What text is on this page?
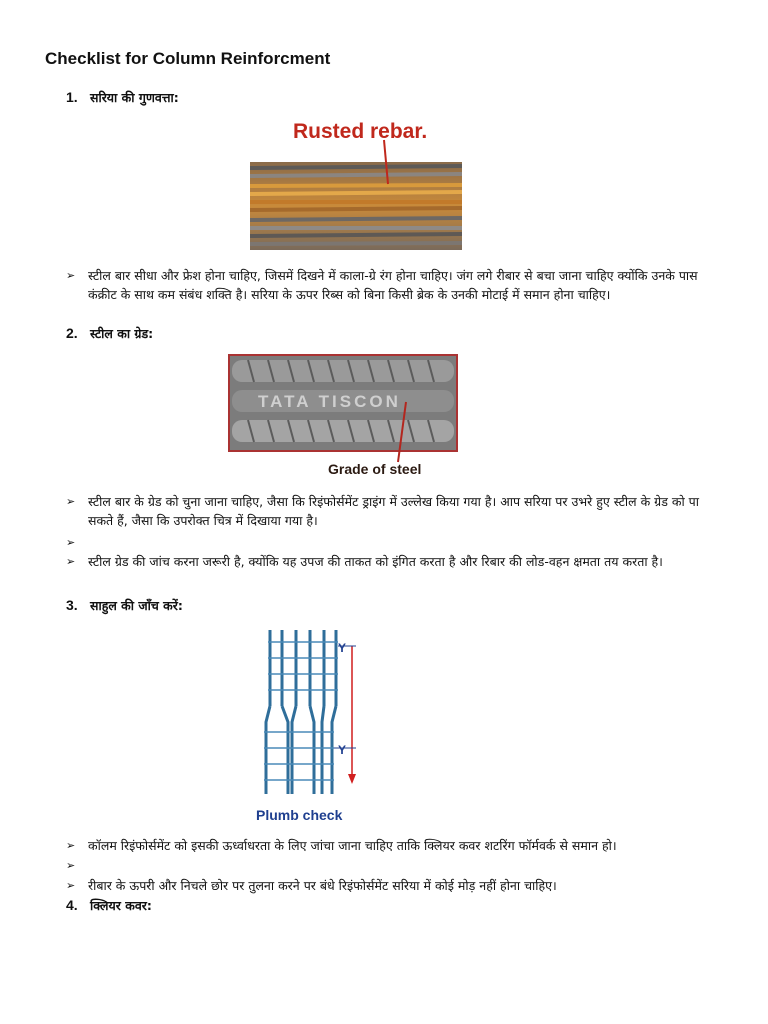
Checklist for Column Reinforcment
1. सरिया की गुणवत्ता:
Rusted rebar.
➢ स्टील बार सीधा और फ्रेश होना चाहिए, जिसमें दिखने में काला-ग्रे रंग होना चाहिए। जंग लगे रीबार से बचा जाना चाहिए क्योंकि उनके पास कंक्रीट के साथ कम संबंध शक्ति है। सरिया के ऊपर रिब्स को बिना किसी ब्रेक के उनकी मोटाई में समान होना चाहिए।
2. स्टील का ग्रेड:
TATA TISCON
Grade of steel
➢ स्टील बार के ग्रेड को चुना जाना चाहिए, जैसा कि रिइंफोर्समेंट ड्राइंग में उल्लेख किया गया है। आप सरिया पर उभरे हुए स्टील के ग्रेड को पा सकते हैं, जैसा कि उपरोक्त चित्र में दिखाया गया है।
➢
➢ स्टील ग्रेड की जांच करना जरूरी है, क्योंकि यह उपज की ताकत को इंगित करता है और रिबार की लोड-वहन क्षमता तय करता है।
3. साहुल की जाँच करें:
Y
Y
Plumb check
➢ कॉलम रिइंफोर्समेंट को इसकी ऊर्ध्वाधरता के लिए जांचा जाना चाहिए ताकि क्लियर कवर शटरिंग फॉर्मवर्क से समान हो।
➢
➢ रीबार के ऊपरी और निचले छोर पर तुलना करने पर बंधे रिइंफोर्समेंट सरिया में कोई मोड़ नहीं होना चाहिए।
4. क्लियर कवर:
